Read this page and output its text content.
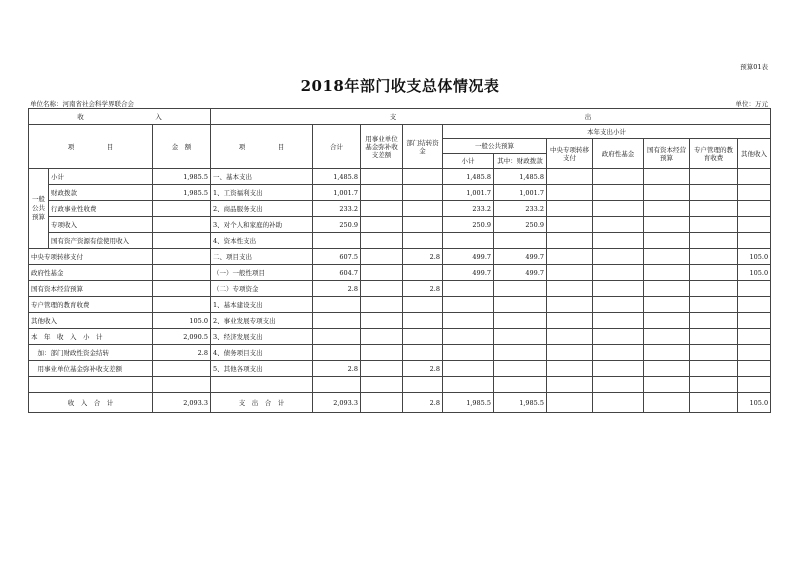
预算01表
2018年部门收支总体情况表
单位名称：河南省社会科学界联合会	单位：万元
收　　　　　　　　　　　入			支　　　　　　　　　　　　　　　　　　　　　　　　　　　　　出										
项　　　　　目		金　额	项　　　　　目	合计	用事业单位基金弥补收支差额	部门结转资金	本年支出小计						
							一般公共预算		中央专项转移支付	政府性基金	国有资本经营预算	专户管理的教育收费	其他收入
							小计	其中：财政拨款					
一般公共预算	小计	1,985.5	一、基本支出	1,485.8			1,485.8	1,485.8					
	财政拨款	1,985.5	1、工资福利支出	1,001.7			1,001.7	1,001.7					
	行政事业性收费		2、商品服务支出	233.2			233.2	233.2					
	专项收入		3、对个人和家庭的补助	250.9			250.9	250.9					
	国有资产资源有偿使用收入		4、资本性支出										
中央专项转移支付			二、项目支出	607.5		2.8	499.7	499.7					105.0
政府性基金			（一）一般性项目	604.7			499.7	499.7					105.0
国有资本经营预算			（二）专项资金	2.8		2.8							
专户管理的教育收费			1、基本建设支出										
其他收入		105.0	2、事业发展专项支出										
本　年　收　入　小　计		2,090.5	3、经济发展支出										
　加：部门财政性资金结转		2.8	4、债务项目支出										
　用事业单位基金弥补收支差额			5、其他各项支出	2.8		2.8							

收　入　合　计		2,093.3	支　出　合　计	2,093.3		2.8	1,985.5	1,985.5					105.0
